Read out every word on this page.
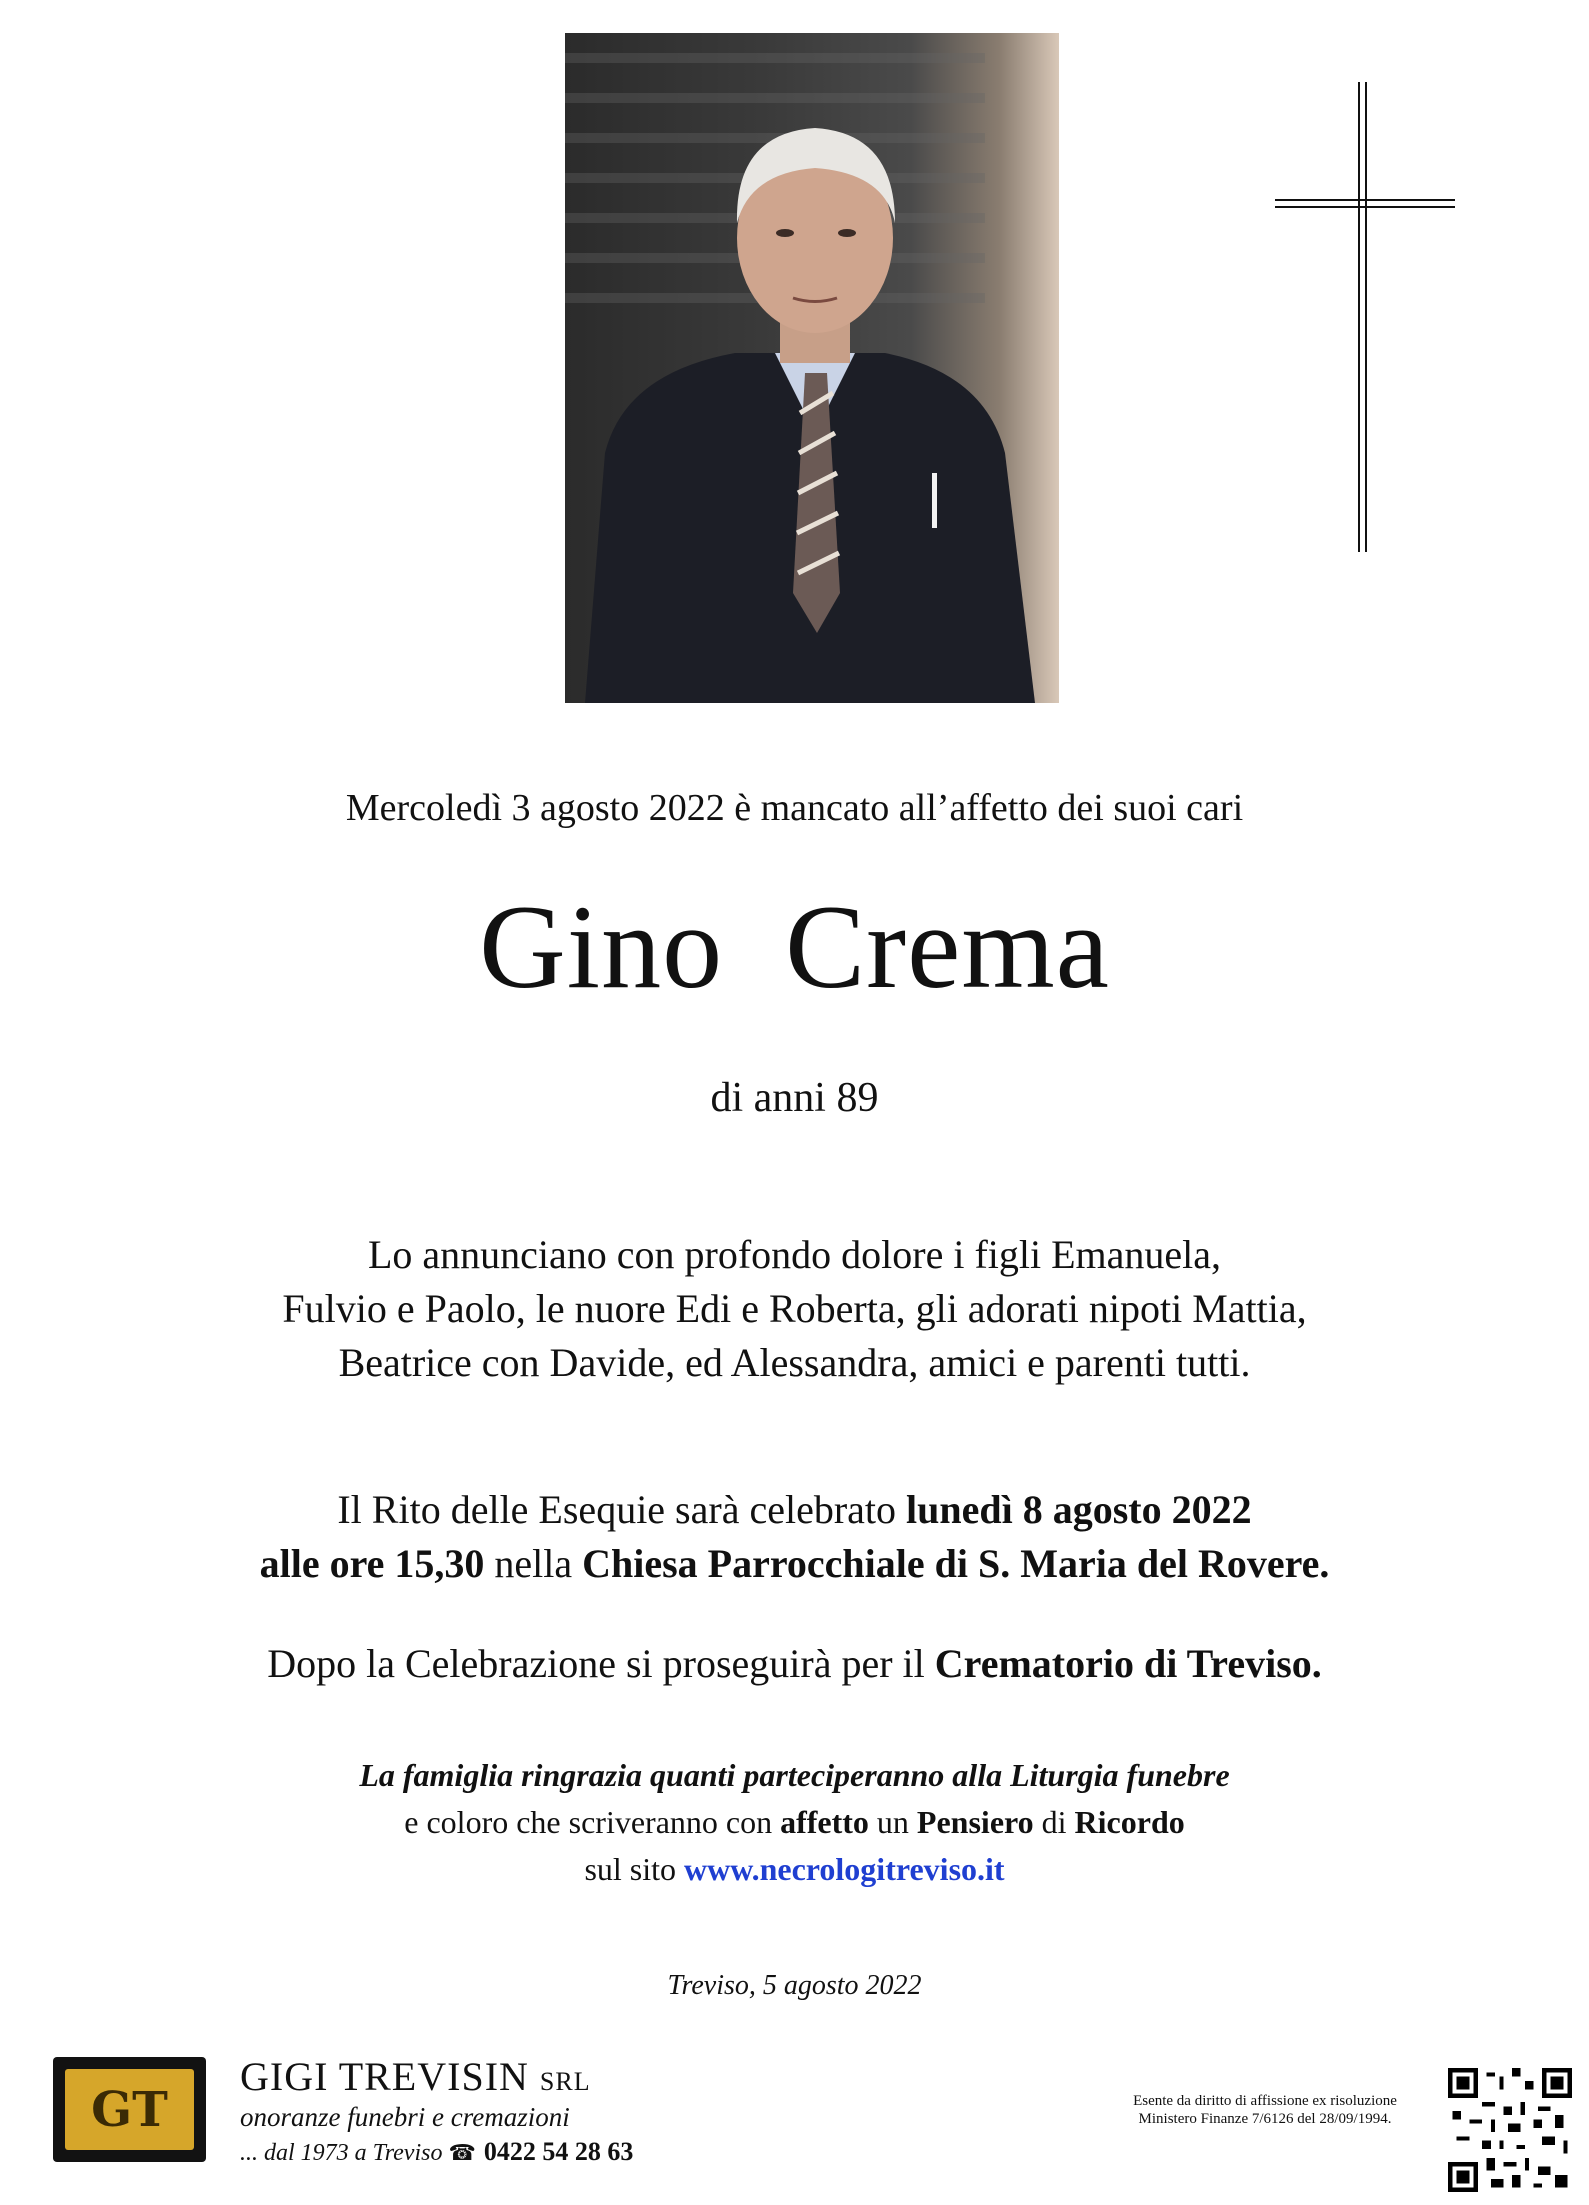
Mercoledì 3 agosto 2022 è mancato all’affetto dei suoi cari
Gino  Crema
di anni 89
Lo annunciano con profondo dolore i figli Emanuela,
Fulvio e Paolo, le nuore Edi e Roberta, gli adorati nipoti Mattia,
Beatrice con Davide, ed Alessandra, amici e parenti tutti.
Il Rito delle Esequie sarà celebrato lunedì 8 agosto 2022
alle ore 15,30 nella Chiesa Parrocchiale di S. Maria del Rovere.
Dopo la Celebrazione si proseguirà per il Crematorio di Treviso.
La famiglia ringrazia quanti parteciperanno alla Liturgia funebre
e coloro che scriveranno con affetto un Pensiero di Ricordo
sul sito www.necrologitreviso.it
Treviso, 5 agosto 2022
GT
GIGI TREVISIN SRL
onoranze funebri e cremazioni
... dal 1973 a Treviso ☎ 0422 54 28 63
Esente da diritto di affissione ex risoluzione
Ministero Finanze 7/6126 del 28/09/1994.
